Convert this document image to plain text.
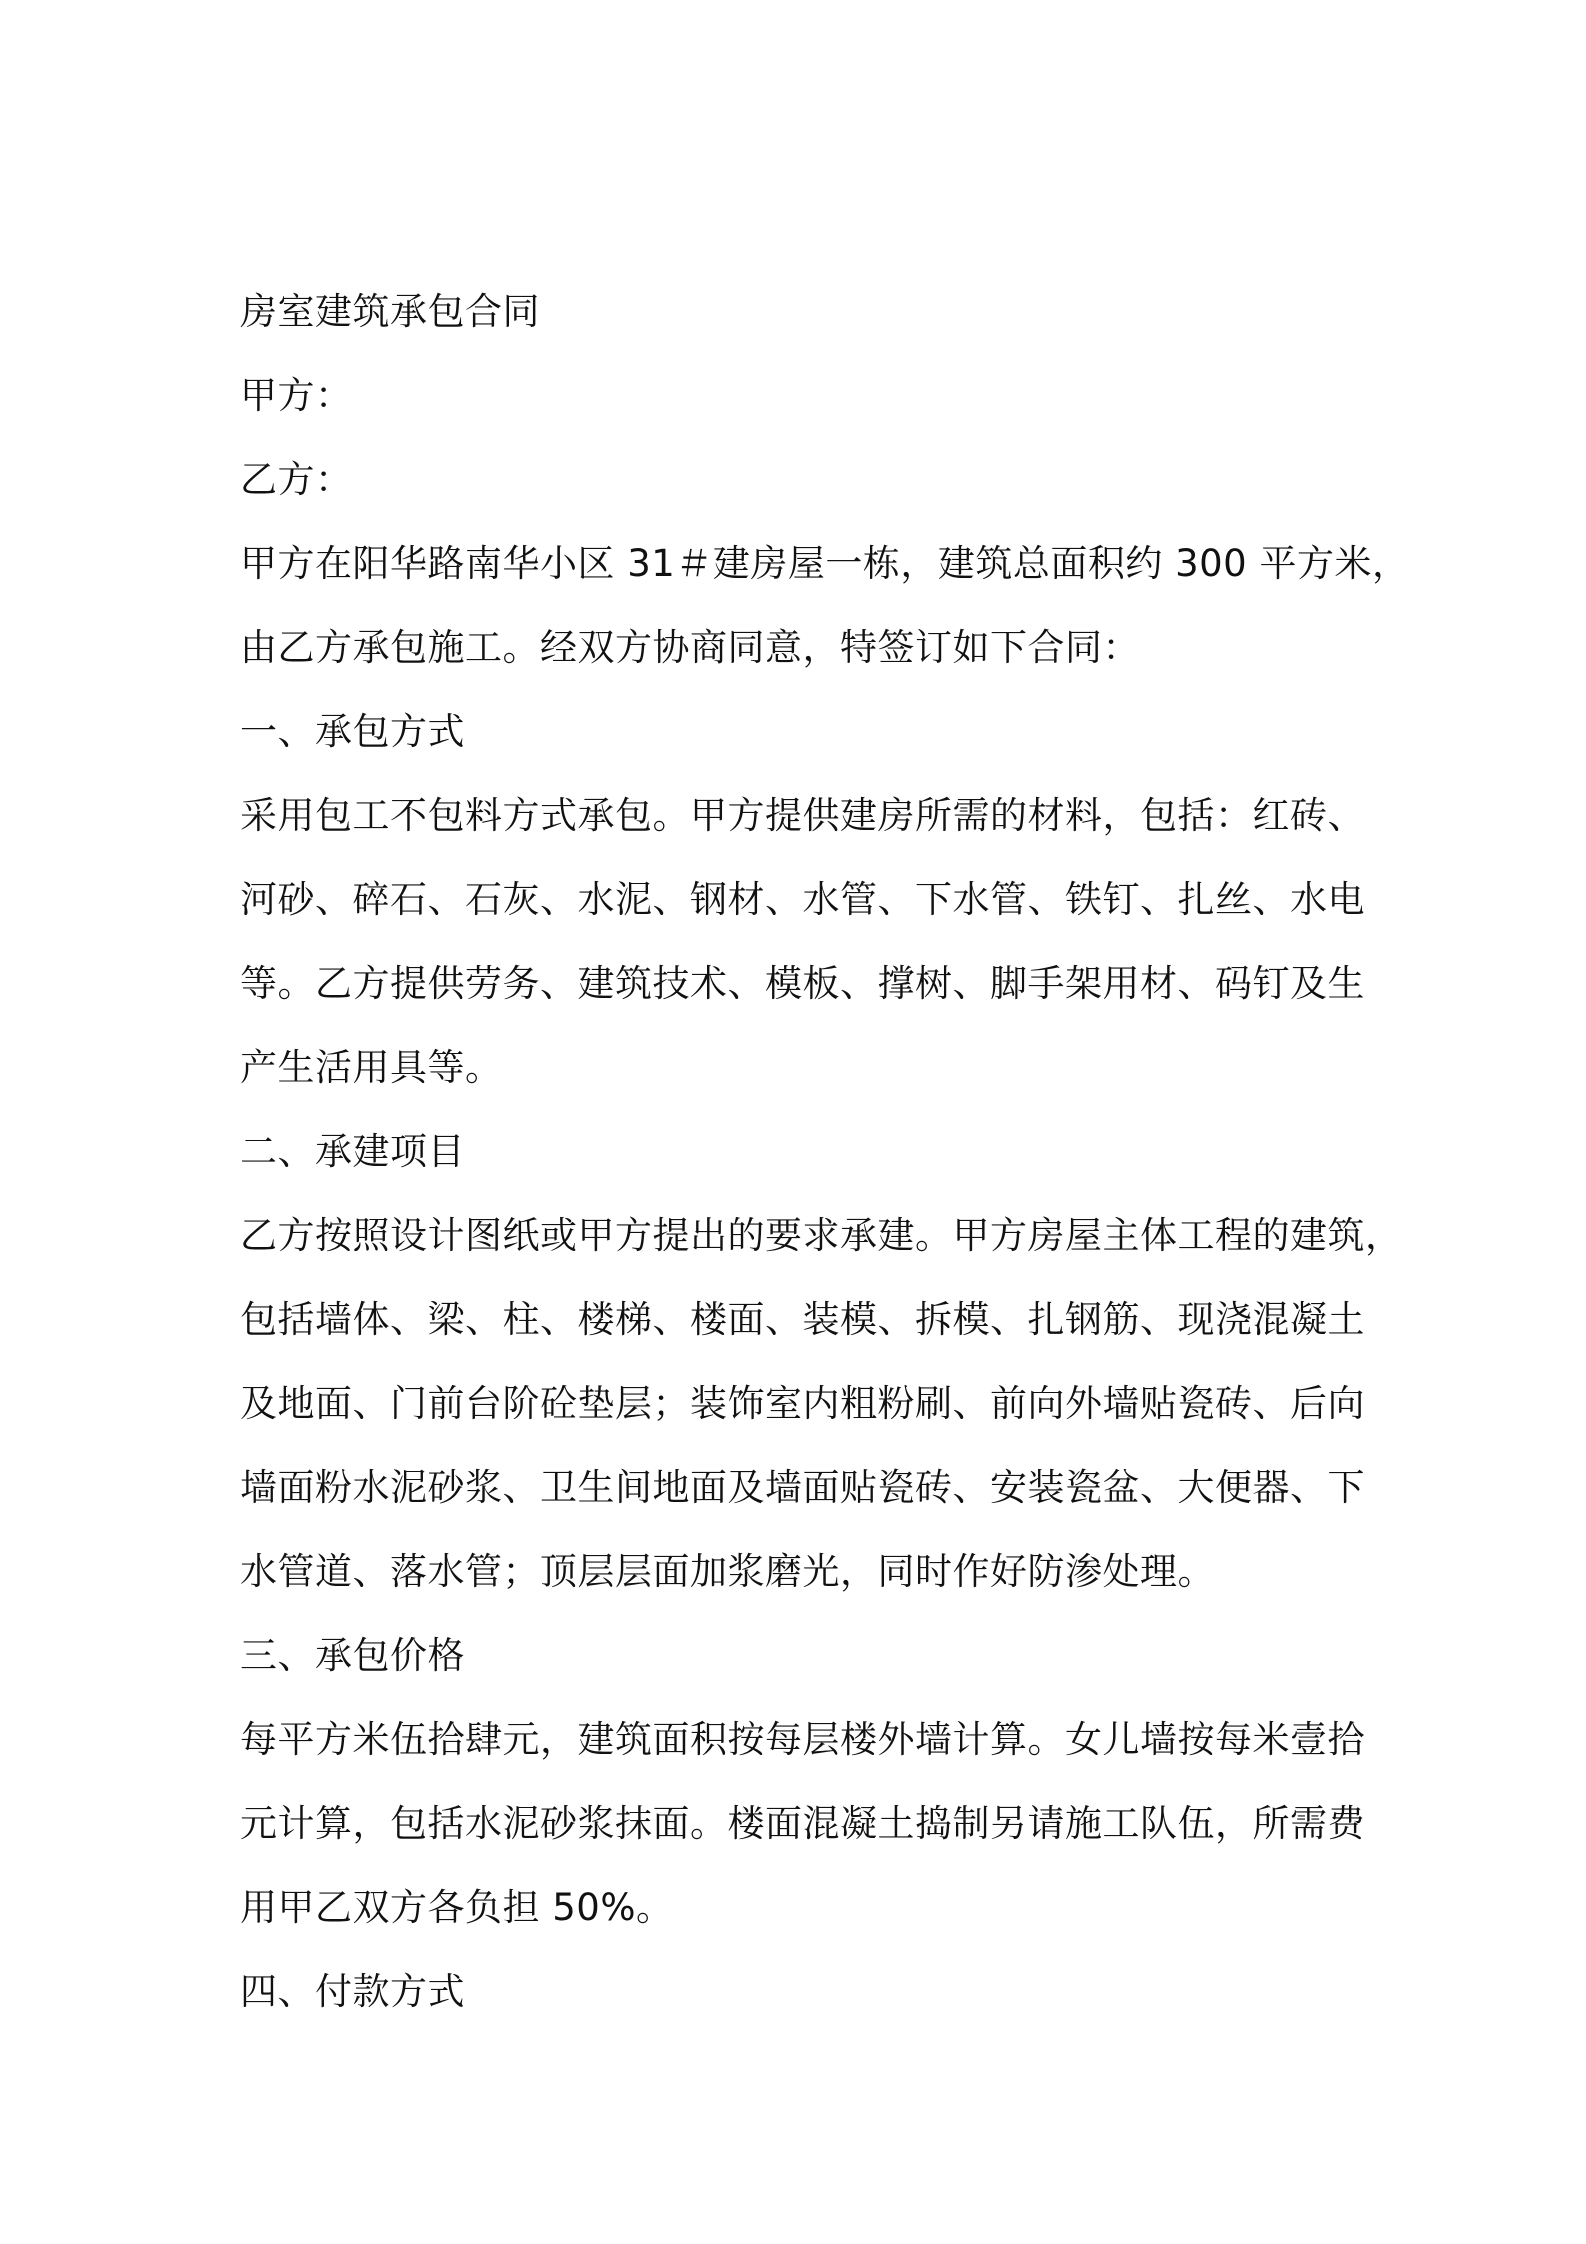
房室建筑承包合同

甲方：

乙方：

甲方在阳华路南华小区 31＃建房屋一栋，建筑总面积约 300 平方米，

由乙方承包施工。经双方协商同意，特签订如下合同：

一、承包方式

采用包工不包料方式承包。甲方提供建房所需的材料，包括：红砖、

河砂、碎石、石灰、水泥、钢材、水管、下水管、铁钉、扎丝、水电

等。乙方提供劳务、建筑技术、模板、撑树、脚手架用材、码钉及生

产生活用具等。

二、承建项目

乙方按照设计图纸或甲方提出的要求承建。甲方房屋主体工程的建筑，

包括墙体、梁、柱、楼梯、楼面、装模、拆模、扎钢筋、现浇混凝土

及地面、门前台阶砼垫层；装饰室内粗粉刷、前向外墙贴瓷砖、后向

墙面粉水泥砂浆、卫生间地面及墙面贴瓷砖、安装瓷盆、大便器、下

水管道、落水管；顶层层面加浆磨光，同时作好防渗处理。

三、承包价格

每平方米伍拾肆元，建筑面积按每层楼外墙计算。女儿墙按每米壹拾

元计算，包括水泥砂浆抹面。楼面混凝土捣制另请施工队伍，所需费

用甲乙双方各负担 50%。

四、付款方式
